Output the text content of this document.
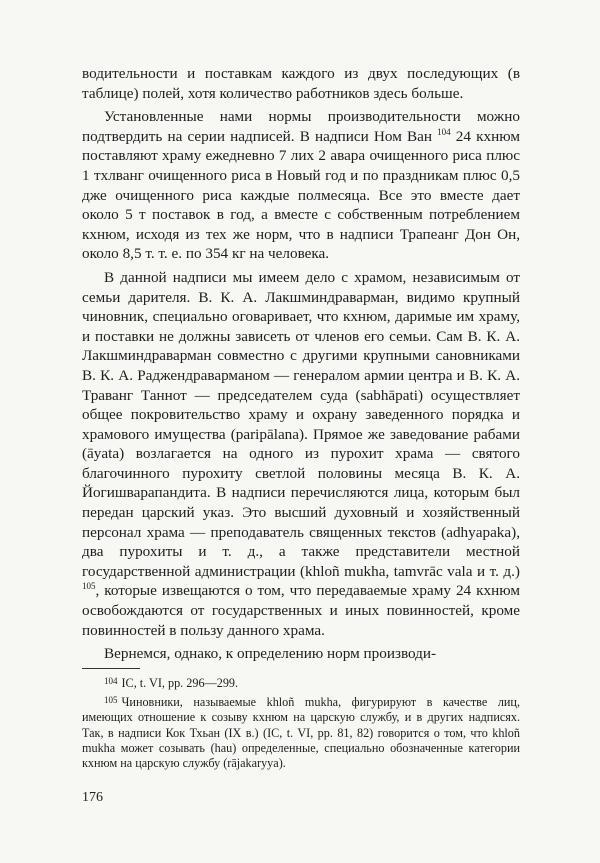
водительности и поставкам каждого из двух последующих (в таблице) полей, хотя количество работников здесь больше.

Установленные нами нормы производительности можно подтвердить на серии надписей. В надписи Ном Ван $^{104}$ 24 кхнюм поставляют храму ежедневно 7 лих 2 авара очищенного риса плюс 1 тхлванг очищенного риса в Новый год и по праздникам плюс 0,5 дже очищенного риса каждые полмесяца. Все это вместе дает около 5 т поставок в год, а вместе с собственным потреблением кхнюм, исходя из тех же норм, что в надписи Трапеанг Дон Он, около 8,5 т. т. е. по 354 кг на человека.

В данной надписи мы имеем дело с храмом, независимым от семьи дарителя. В. К. А. Лакшминдраварман, видимо крупный чиновник, специально оговаривает, что кхнюм, даримые им храму, и поставки не должны зависеть от членов его семьи. Сам В. К. А. Лакшминдраварман совместно с другими крупными сановниками В. К. А. Раджендраварманом — генералом армии центра и В. К. А. Траванг Таннот — председателем суда (sabhāpati) осуществляет общее покровительство храму и охрану заведенного порядка и храмового имущества (paripālana). Прямое же заведование рабами (āyata) возлагается на одного из пурохит храма — святого благочинного пурохиту светлой половины месяца В. К. А. Йогишварапандита. В надписи перечисляются лица, которым был передан царский указ. Это высший духовный и хозяйственный персонал храма — преподаватель священных текстов (adhyapaka), два пурохиты и т. д., а также представители местной государственной администрации (khloñ mukha, tamvrāc vala и т. д.) $^{105}$, которые извещаются о том, что передаваемые храму 24 кхнюм освобождаются от государственных и иных повинностей, кроме повинностей в пользу данного храма.

Вернемся, однако, к определению норм производи-

$^{104}$ IC, t. VI, pp. 296—299.

$^{105}$ Чиновники, называемые khloñ mukha, фигурируют в качестве лиц, имеющих отношение к созыву кхнюм на царскую службу, и в других надписях. Так, в надписи Кок Тхьан (IX в.) (IC, t. VI, pp. 81, 82) говорится о том, что khloñ mukha может созывать (hau) определенные, специально обозначенные категории кхнюм на царскую службу (rājakaryya).

176
